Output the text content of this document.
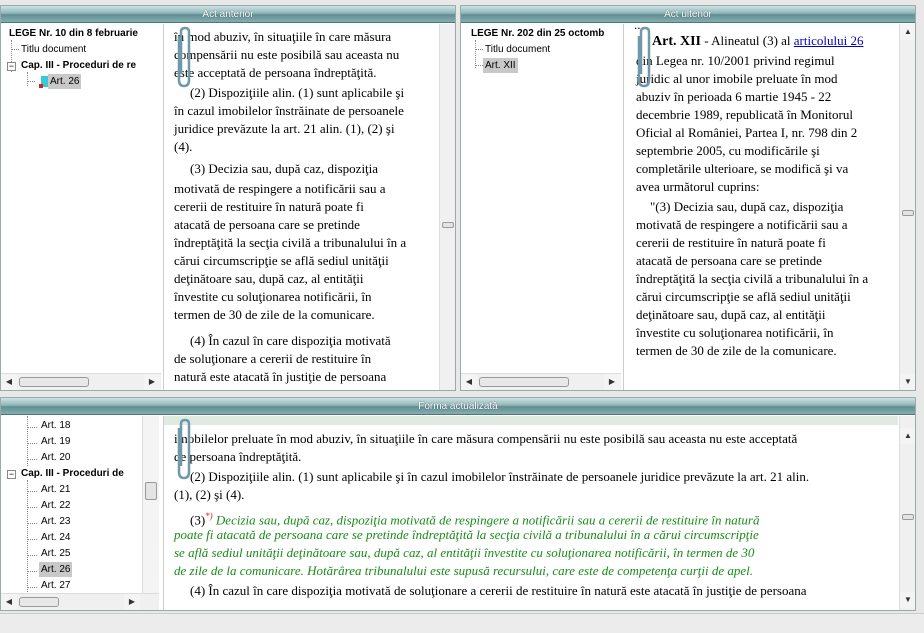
Act anterior
LEGE Nr. 10 din 8 februarie
Titlu document
− Cap. III - Proceduri de re
Art. 26
◀	▶

în mod abuziv, în situaţiile în care măsura

compensării nu este posibilă sau aceasta nu

este acceptată de persoana îndreptăţită.

(2) Dispoziţiile alin. (1) sunt aplicabile şi

în cazul imobilelor înstrăinate de persoanele

juridice prevăzute la art. 21 alin. (1), (2) şi

(4).

(3) Decizia sau, după caz, dispoziţia

motivată de respingere a notificării sau a

cererii de restituire în natură poate fi

atacată de persoana care se pretinde

îndreptăţită la secţia civilă a tribunalului în a

cărui circumscripţie se află sediul unităţii

deţinătoare sau, după caz, al entităţii

învestite cu soluţionarea notificării, în

termen de 30 de zile de la comunicare.

(4) În cazul în care dispoziţia motivată

de soluţionare a cererii de restituire în

natură este atacată în justiţie de persoana

Act ulterior
LEGE Nr. 202 din 25 octomb
Titlu document
Art. XII
◀	▶

...

Art. XII - Alineatul (3) al articolului 26

din Legea nr. 10/2001 privind regimul

juridic al unor imobile preluate în mod

abuziv în perioada 6 martie 1945 - 22

decembrie 1989, republicată în Monitorul

Oficial al României, Partea I, nr. 798 din 2

septembrie 2005, cu modificările şi

completările ulterioare, se modifică şi va

avea următorul cuprins:

"(3) Decizia sau, după caz, dispoziţia

motivată de respingere a notificării sau a

cererii de restituire în natură poate fi

atacată de persoana care se pretinde

îndreptăţită la secţia civilă a tribunalului în a

cărui circumscripţie se află sediul unităţii

deţinătoare sau, după caz, al entităţii

învestite cu soluţionarea notificării, în

termen de 30 de zile de la comunicare.

▲
▼
Forma actualizată
Art. 18
Art. 19
Art. 20
− Cap. III - Proceduri de
Art. 21
Art. 22
Art. 23
Art. 24
Art. 25
Art. 26
Art. 27
◀	▶

imobilelor preluate în mod abuziv, în situaţiile în care măsura compensării nu este posibilă sau aceasta nu este acceptată

de persoana îndreptăţită.

(2) Dispoziţiile alin. (1) sunt aplicabile şi în cazul imobilelor înstrăinate de persoanele juridice prevăzute la art. 21 alin.

(1), (2) şi (4).

(3)*) Decizia sau, după caz, dispoziţia motivată de respingere a notificării sau a cererii de restituire în natură

poate fi atacată de persoana care se pretinde îndreptăţită la secţia civilă a tribunalului în a cărui circumscripţie

se află sediul unităţii deţinătoare sau, după caz, al entităţii învestite cu soluţionarea notificării, în termen de 30

de zile de la comunicare. Hotărârea tribunalului este supusă recursului, care este de competenţa curţii de apel.

(4) În cazul în care dispoziţia motivată de soluţionare a cererii de restituire în natură este atacată în justiţie de persoana

▲
▼
